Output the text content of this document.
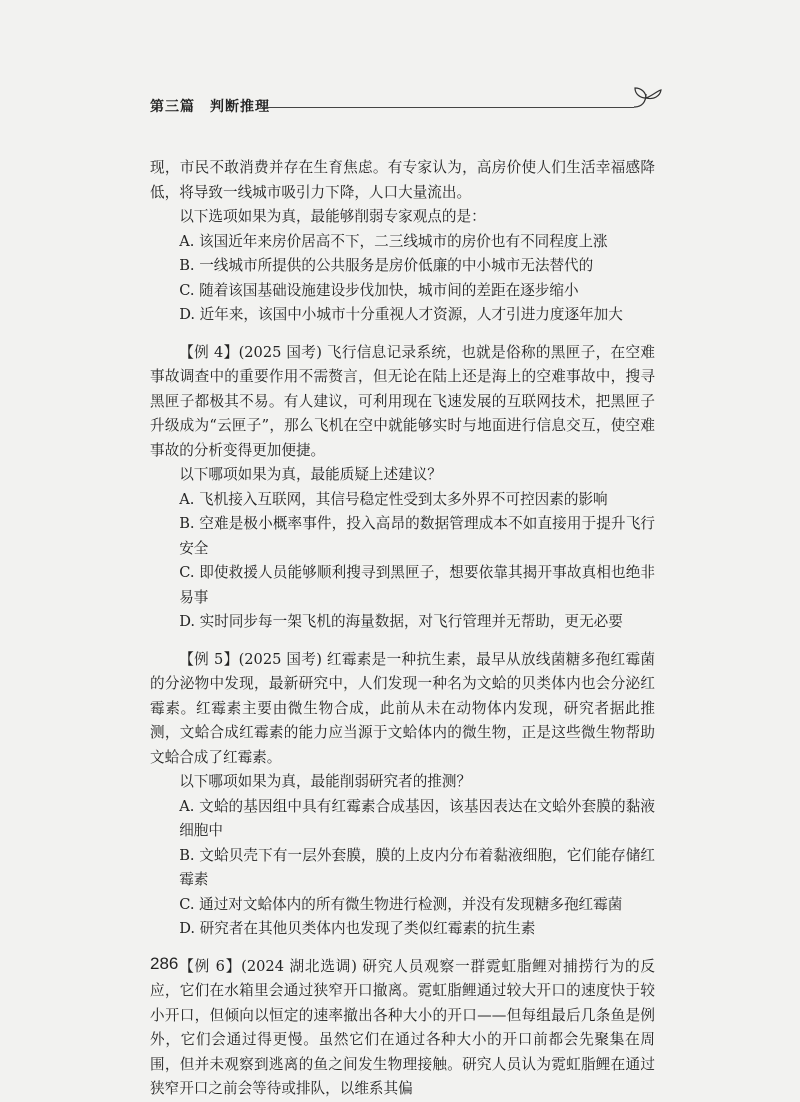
第三篇　判断推理

现，市民不敢消费并存在生育焦虑。有专家认为，高房价使人们生活幸福感降低，将导致一线城市吸引力下降，人口大量流出。

以下选项如果为真，最能够削弱专家观点的是：

A. 该国近年来房价居高不下，二三线城市的房价也有不同程度上涨

B. 一线城市所提供的公共服务是房价低廉的中小城市无法替代的

C. 随着该国基础设施建设步伐加快，城市间的差距在逐步缩小

D. 近年来，该国中小城市十分重视人才资源，人才引进力度逐年加大

【例 4】(2025 国考) 飞行信息记录系统，也就是俗称的黑匣子，在空难事故调查中的重要作用不需赘言，但无论在陆上还是海上的空难事故中，搜寻黑匣子都极其不易。有人建议，可利用现在飞速发展的互联网技术，把黑匣子升级成为“云匣子”，那么飞机在空中就能够实时与地面进行信息交互，使空难事故的分析变得更加便捷。

以下哪项如果为真，最能质疑上述建议？

A. 飞机接入互联网，其信号稳定性受到太多外界不可控因素的影响

B. 空难是极小概率事件，投入高昂的数据管理成本不如直接用于提升飞行安全

C. 即使救援人员能够顺利搜寻到黑匣子，想要依靠其揭开事故真相也绝非易事

D. 实时同步每一架飞机的海量数据，对飞行管理并无帮助，更无必要

【例 5】(2025 国考) 红霉素是一种抗生素，最早从放线菌糖多孢红霉菌的分泌物中发现，最新研究中，人们发现一种名为文蛤的贝类体内也会分泌红霉素。红霉素主要由微生物合成，此前从未在动物体内发现，研究者据此推测，文蛤合成红霉素的能力应当源于文蛤体内的微生物，正是这些微生物帮助文蛤合成了红霉素。

以下哪项如果为真，最能削弱研究者的推测？

A. 文蛤的基因组中具有红霉素合成基因，该基因表达在文蛤外套膜的黏液细胞中

B. 文蛤贝壳下有一层外套膜，膜的上皮内分布着黏液细胞，它们能存储红霉素

C. 通过对文蛤体内的所有微生物进行检测，并没有发现糖多孢红霉菌

D. 研究者在其他贝类体内也发现了类似红霉素的抗生素

【例 6】(2024 湖北选调) 研究人员观察一群霓虹脂鲤对捕捞行为的反应，它们在水箱里会通过狭窄开口撤离。霓虹脂鲤通过较大开口的速度快于较小开口，但倾向以恒定的速率撤出各种大小的开口——但每组最后几条鱼是例外，它们会通过得更慢。虽然它们在通过各种大小的开口前都会先聚集在周围，但并未观察到逃离的鱼之间发生物理接触。研究人员认为霓虹脂鲤在通过狭窄开口之前会等待或排队，以维系其偏

286
